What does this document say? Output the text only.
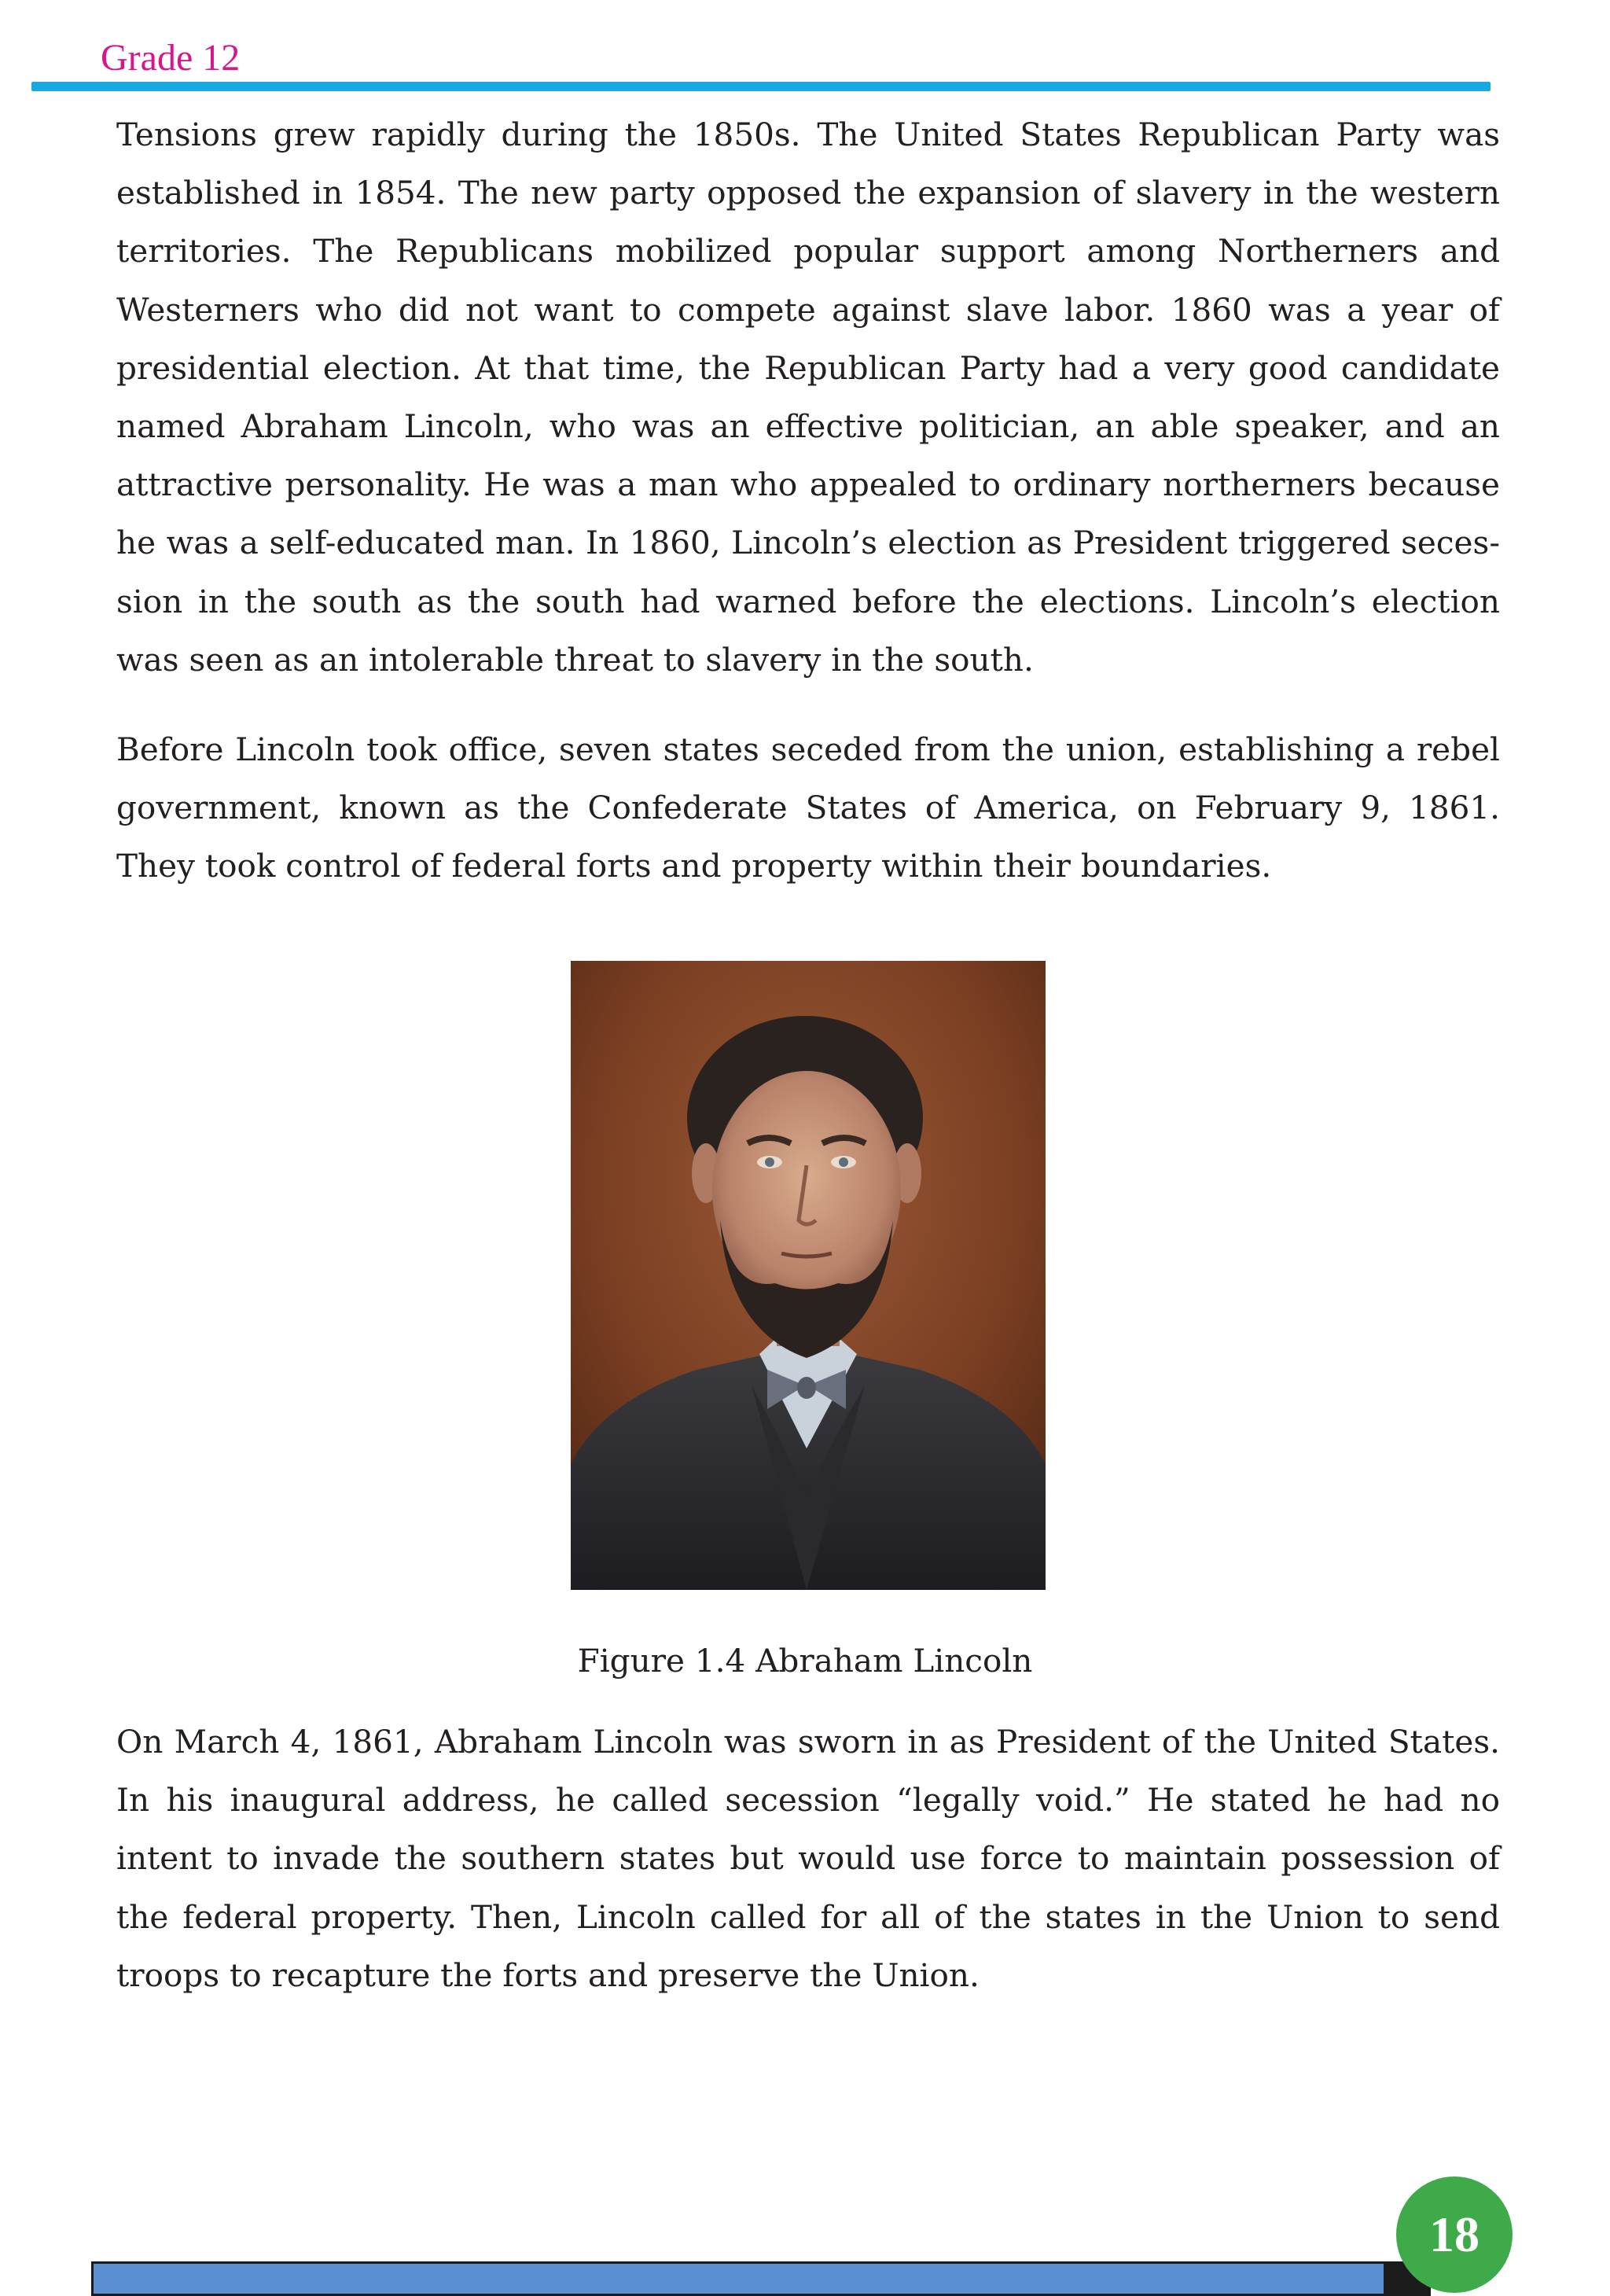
Grade 12

Tensions grew rapidly during the 1850s. The United States Republican Party was established in 1854. The new party opposed the expansion of slavery in the western territories. The Republicans mobilized popular support among Northerners and Westerners who did not want to compete against slave labor. 1860 was a year of presidential election. At that time, the Republican Party had a very good candidate named Abraham Lincoln, who was an effective politician, an able speaker, and an attractive personality. He was a man who appealed to ordinary northerners because he was a self-educated man. In 1860, Lincoln’s election as President triggered secession in the south as the south had warned before the elections. Lincoln’s election was seen as an intolerable threat to slavery in the south.

Before Lincoln took office, seven states seceded from the union, establishing a rebel government, known as the Confederate States of America, on February 9, 1861. They took control of federal forts and property within their boundaries.

Figure 1.4 Abraham Lincoln

On March 4, 1861, Abraham Lincoln was sworn in as President of the United States. In his inaugural address, he called secession “legally void.” He stated he had no intent to invade the southern states but would use force to maintain possession of the federal property. Then, Lincoln called for all of the states in the Union to send troops to recapture the forts and preserve the Union.

18
